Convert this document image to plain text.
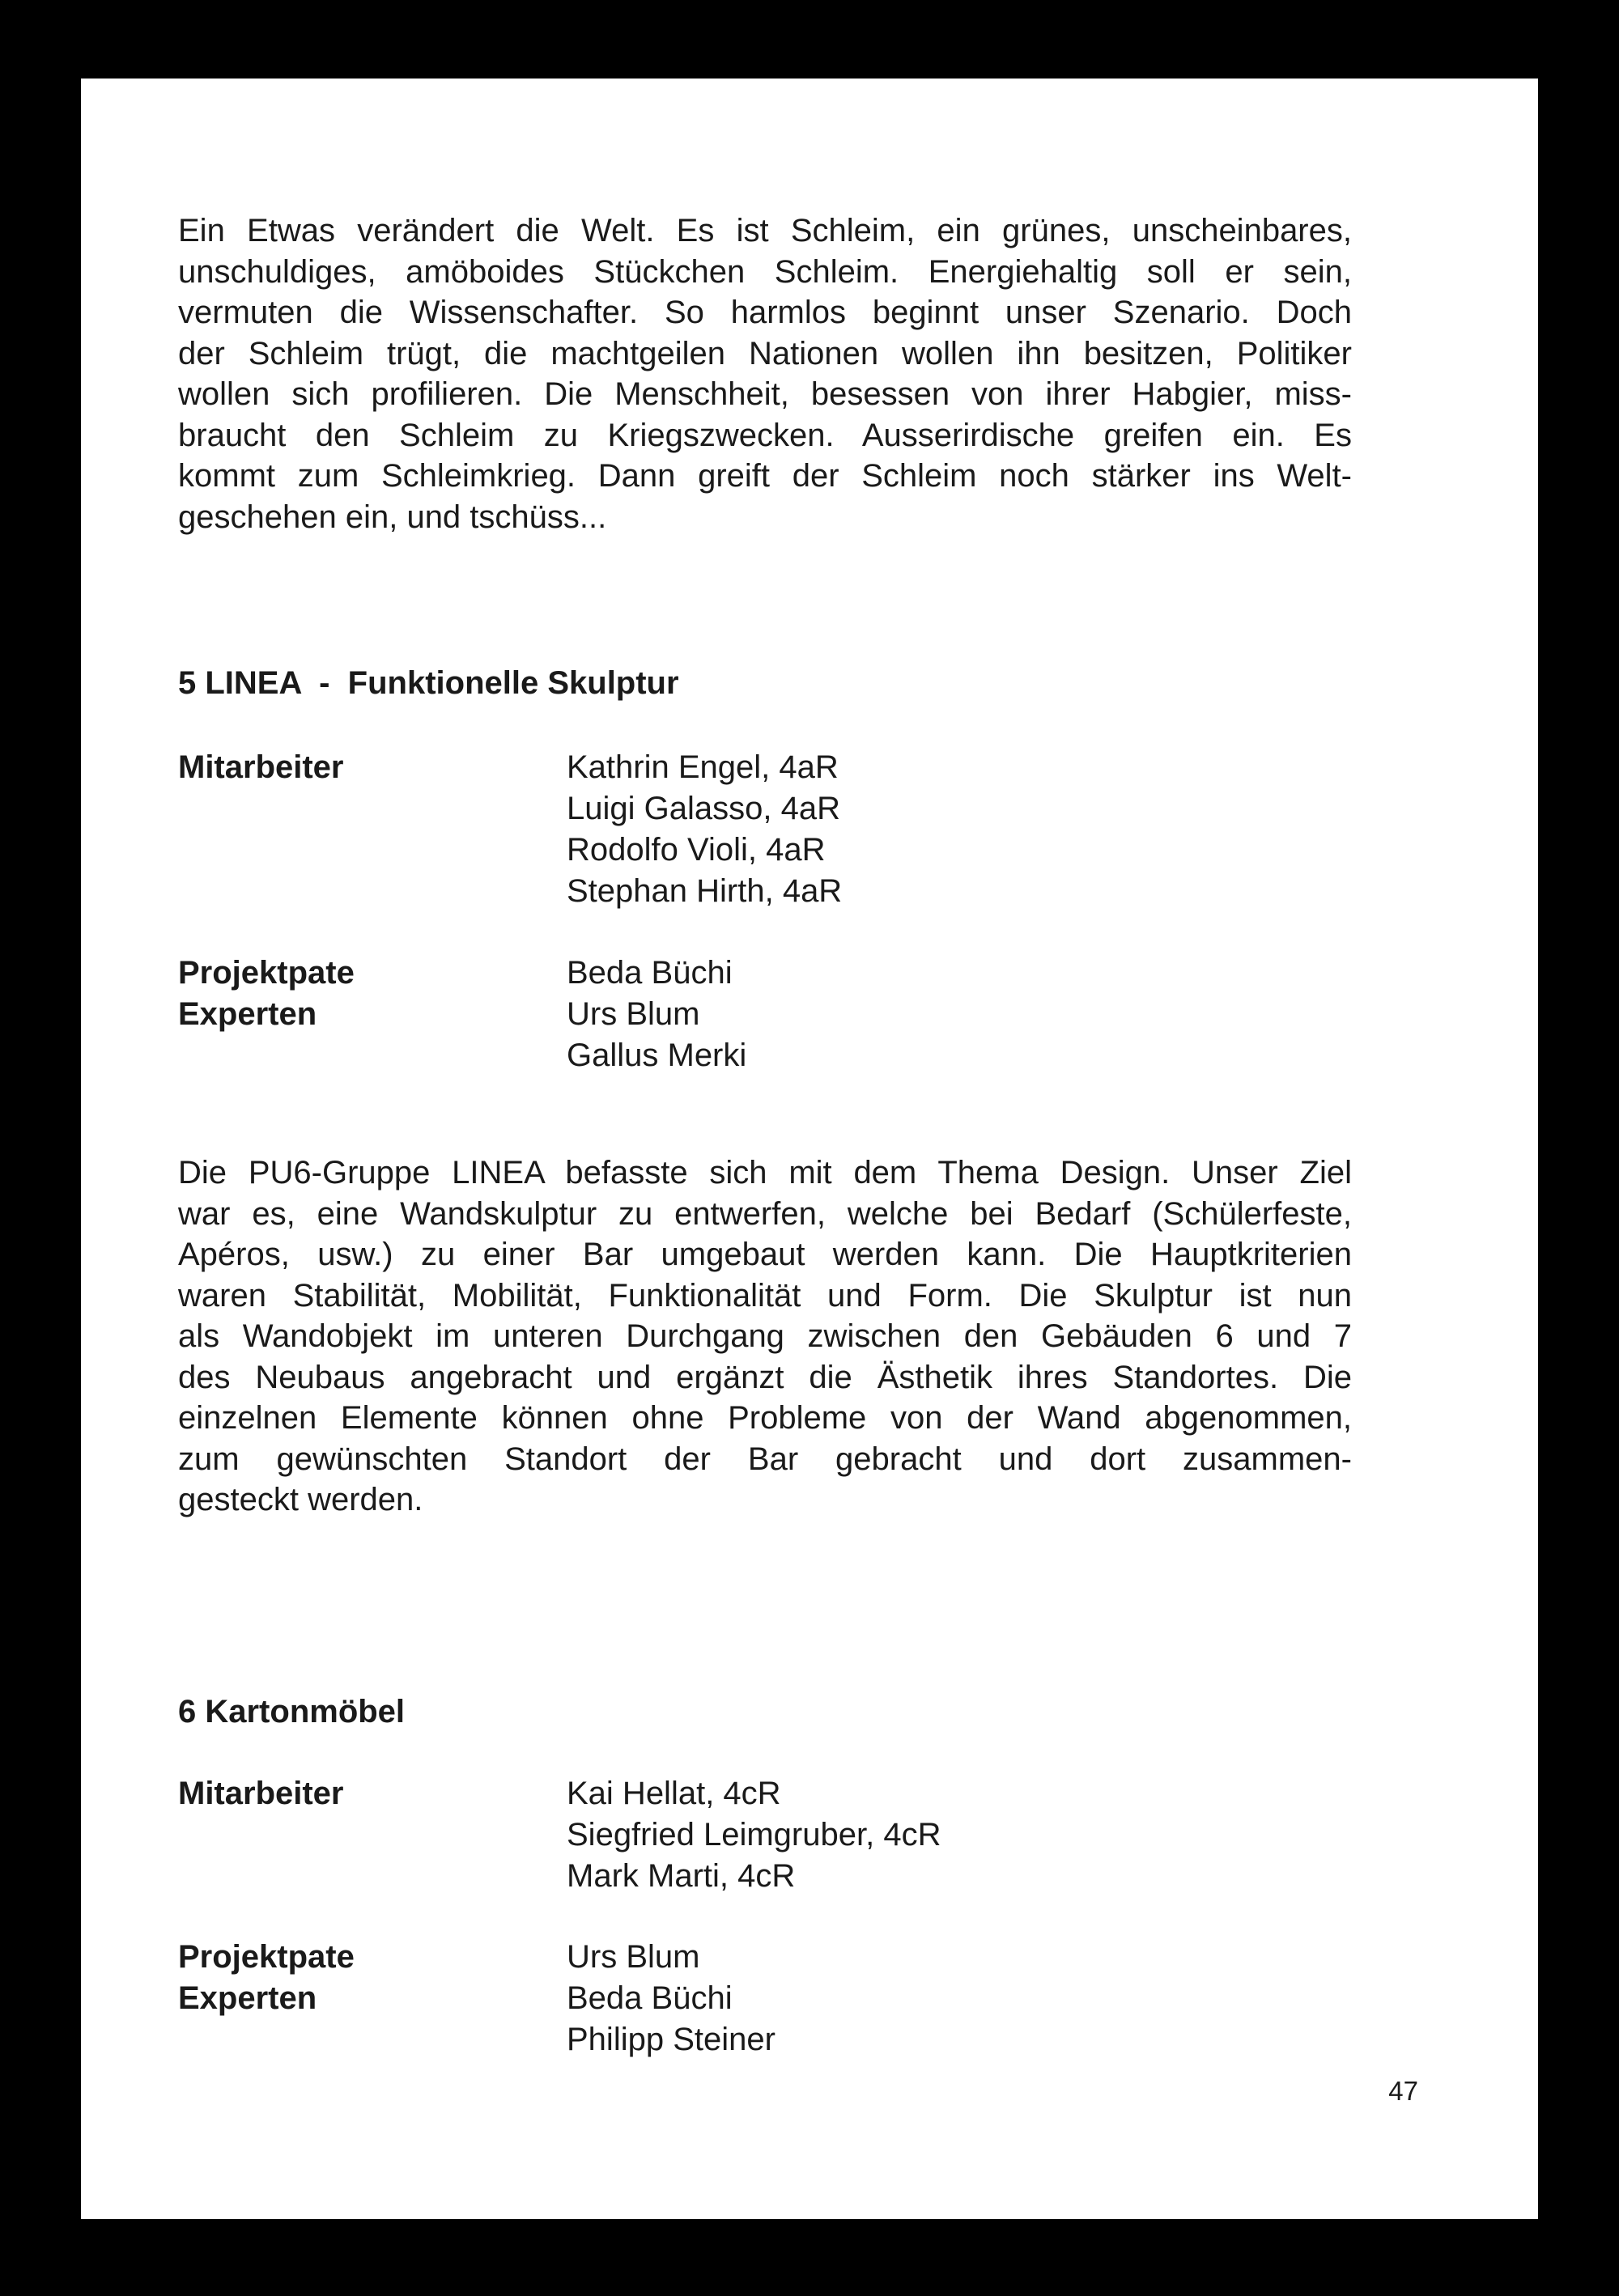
Ein Etwas verändert die Welt. Es ist Schleim, ein grünes, unscheinbares,
unschuldiges, amöboides Stückchen Schleim. Energiehaltig soll er sein,
vermuten die Wissenschafter. So harmlos beginnt unser Szenario. Doch
der Schleim trügt, die machtgeilen Nationen wollen ihn besitzen, Politiker
wollen sich profilieren. Die Menschheit, besessen von ihrer Habgier, miss-
braucht den Schleim zu Kriegszwecken. Ausserirdische greifen ein. Es
kommt zum Schleimkrieg. Dann greift der Schleim noch stärker ins Welt-
geschehen ein, und tschüss...
5 LINEA  -  Funktionelle Skulptur
Mitarbeiter	Kathrin Engel, 4aR
Luigi Galasso, 4aR
Rodolfo Violi, 4aR
Stephan Hirth, 4aR
Projektpate
Experten
Beda Büchi
Urs Blum
Gallus Merki
Die PU6-Gruppe LINEA befasste sich mit dem Thema Design. Unser Ziel
war es, eine Wandskulptur zu entwerfen, welche bei Bedarf (Schülerfeste,
Apéros, usw.) zu einer Bar umgebaut werden kann. Die Hauptkriterien
waren Stabilität, Mobilität, Funktionalität und Form. Die Skulptur ist nun
als Wandobjekt im unteren Durchgang zwischen den Gebäuden 6 und 7
des Neubaus angebracht und ergänzt die Ästhetik ihres Standortes. Die
einzelnen Elemente können ohne Probleme von der Wand abgenommen,
zum gewünschten Standort der Bar gebracht und dort zusammen-
gesteckt werden.
6 Kartonmöbel
Mitarbeiter	Kai Hellat, 4cR
Siegfried Leimgruber, 4cR
Mark Marti, 4cR
Projektpate
Experten
Urs Blum
Beda Büchi
Philipp Steiner
47
